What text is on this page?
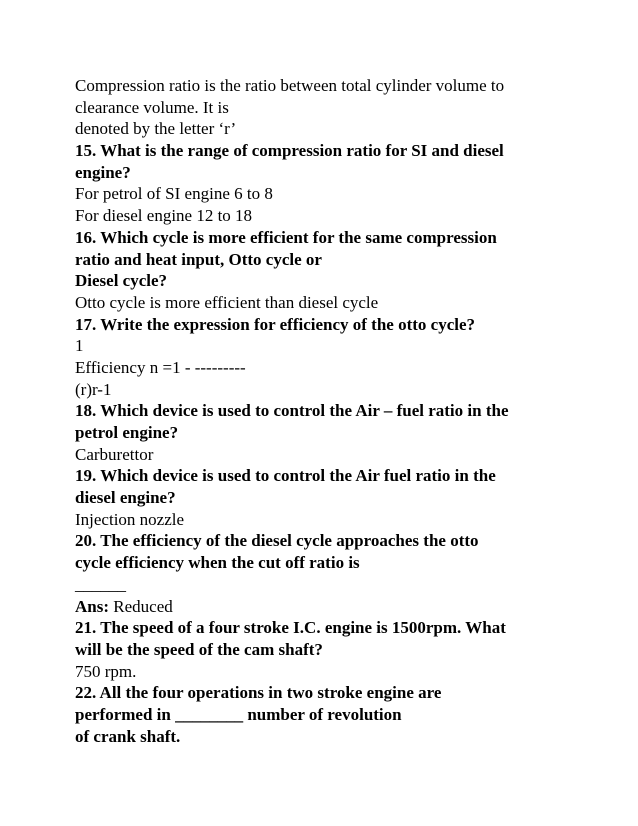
Compression ratio is the ratio between total cylinder volume to
clearance volume. It is
denoted by the letter ‘r’
15. What is the range of compression ratio for SI and diesel
engine?
For petrol of SI engine 6 to 8
For diesel engine 12 to 18
16. Which cycle is more efficient for the same compression
ratio and heat input, Otto cycle or
Diesel cycle?
Otto cycle is more efficient than diesel cycle
17. Write the expression for efficiency of the otto cycle?
1
Efficiency n =1 - ---------
(r)r-1
18. Which device is used to control the Air – fuel ratio in the
petrol engine?
Carburettor
19. Which device is used to control the Air fuel ratio in the
diesel engine?
Injection nozzle
20. The efficiency of the diesel cycle approaches the otto
cycle efficiency when the cut off ratio is
______
Ans: Reduced
21. The speed of a four stroke I.C. engine is 1500rpm. What
will be the speed of the cam shaft?
750 rpm.
22. All the four operations in two stroke engine are
performed in ________ number of revolution
of crank shaft.
